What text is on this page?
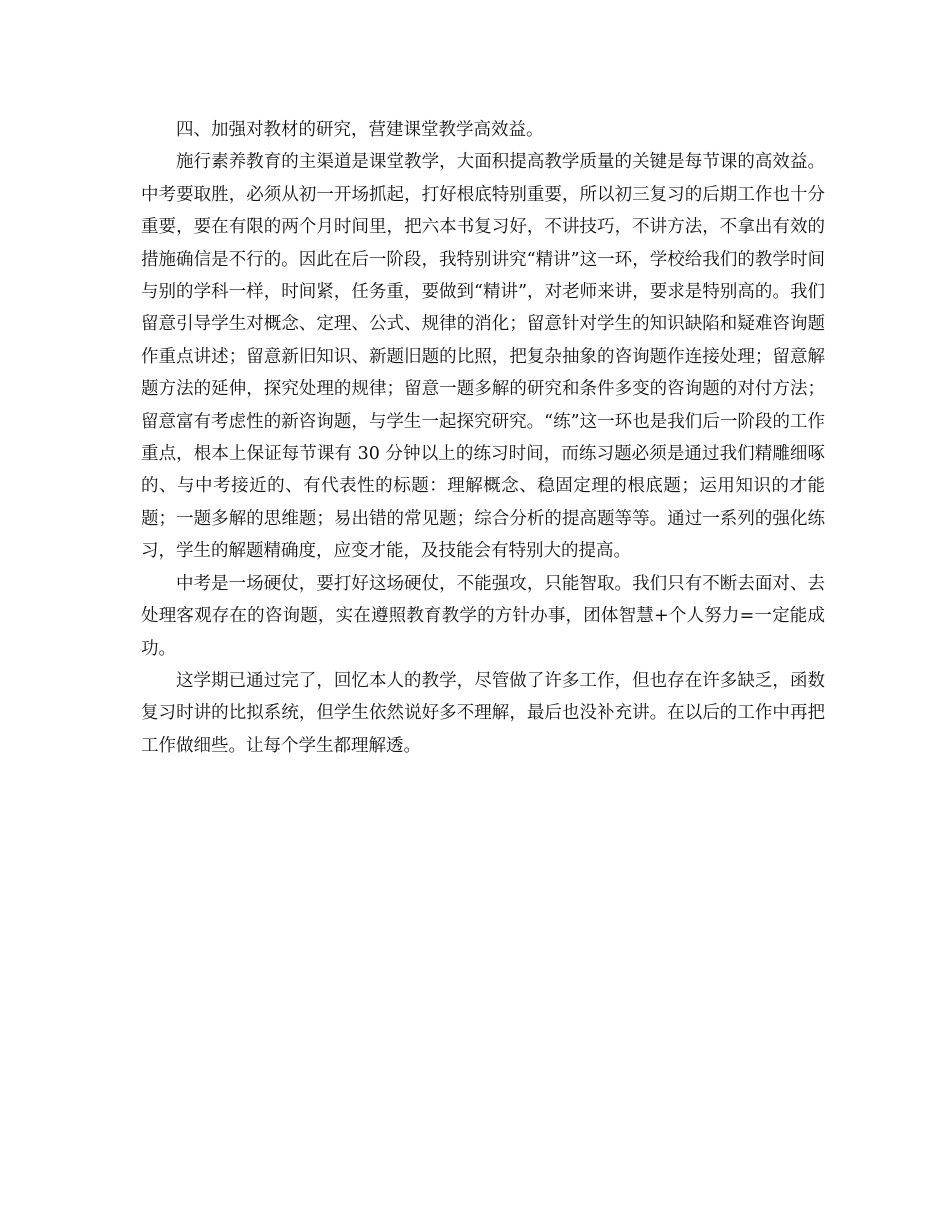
四、加强对教材的研究，营建课堂教学高效益。

施行素养教育的主渠道是课堂教学，大面积提高教学质量的关键是每节课的高效益。中考要取胜，必须从初一开场抓起，打好根底特别重要，所以初三复习的后期工作也十分重要，要在有限的两个月时间里，把六本书复习好，不讲技巧，不讲方法，不拿出有效的措施确信是不行的。因此在后一阶段，我特别讲究“精讲”这一环，学校给我们的教学时间与别的学科一样，时间紧，任务重，要做到“精讲”，对老师来讲，要求是特别高的。我们留意引导学生对概念、定理、公式、规律的消化；留意针对学生的知识缺陷和疑难咨询题作重点讲述；留意新旧知识、新题旧题的比照，把复杂抽象的咨询题作连接处理；留意解题方法的延伸，探究处理的规律；留意一题多解的研究和条件多变的咨询题的对付方法；留意富有考虑性的新咨询题，与学生一起探究研究。“练”这一环也是我们后一阶段的工作重点，根本上保证每节课有 30 分钟以上的练习时间，而练习题必须是通过我们精雕细啄的、与中考接近的、有代表性的标题：理解概念、稳固定理的根底题；运用知识的才能题；一题多解的思维题；易出错的常见题；综合分析的提高题等等。通过一系列的强化练习，学生的解题精确度，应变才能，及技能会有特别大的提高。

中考是一场硬仗，要打好这场硬仗，不能强攻，只能智取。我们只有不断去面对、去处理客观存在的咨询题，实在遵照教育教学的方针办事，团体智慧+个人努力=一定能成功。

这学期已通过完了，回忆本人的教学，尽管做了许多工作，但也存在许多缺乏，函数复习时讲的比拟系统，但学生依然说好多不理解，最后也没补充讲。在以后的工作中再把工作做细些。让每个学生都理解透。
